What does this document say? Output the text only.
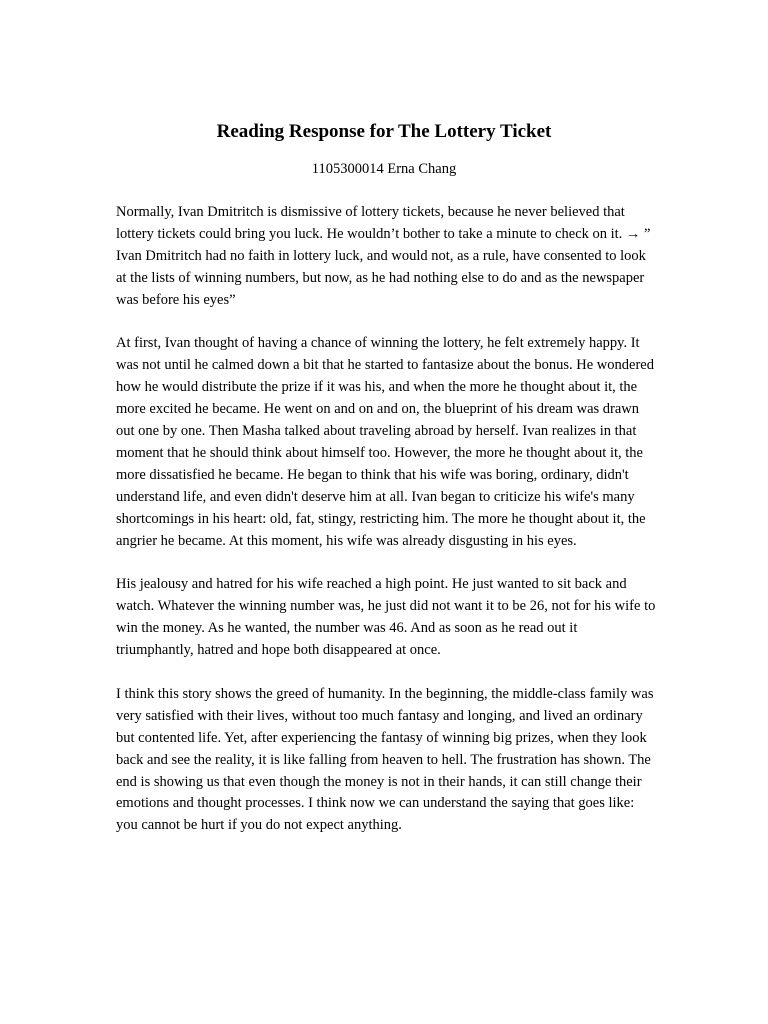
Reading Response for The Lottery Ticket

1105300014 Erna Chang

Normally, Ivan Dmitritch is dismissive of lottery tickets, because he never believed that lottery tickets could bring you luck. He wouldn’t bother to take a minute to check on it. → ” Ivan Dmitritch had no faith in lottery luck, and would not, as a rule, have consented to look at the lists of winning numbers, but now, as he had nothing else to do and as the newspaper was before his eyes”

At first, Ivan thought of having a chance of winning the lottery, he felt extremely happy. It was not until he calmed down a bit that he started to fantasize about the bonus. He wondered how he would distribute the prize if it was his, and when the more he thought about it, the more excited he became. He went on and on and on, the blueprint of his dream was drawn out one by one. Then Masha talked about traveling abroad by herself. Ivan realizes in that moment that he should think about himself too. However, the more he thought about it, the more dissatisfied he became. He began to think that his wife was boring, ordinary, didn't understand life, and even didn't deserve him at all. Ivan began to criticize his wife's many shortcomings in his heart: old, fat, stingy, restricting him. The more he thought about it, the angrier he became. At this moment, his wife was already disgusting in his eyes.

His jealousy and hatred for his wife reached a high point. He just wanted to sit back and watch. Whatever the winning number was, he just did not want it to be 26, not for his wife to win the money. As he wanted, the number was 46. And as soon as he read out it triumphantly, hatred and hope both disappeared at once.

I think this story shows the greed of humanity. In the beginning, the middle-class family was very satisfied with their lives, without too much fantasy and longing, and lived an ordinary but contented life. Yet, after experiencing the fantasy of winning big prizes, when they look back and see the reality, it is like falling from heaven to hell. The frustration has shown. The end is showing us that even though the money is not in their hands, it can still change their emotions and thought processes. I think now we can understand the saying that goes like: you cannot be hurt if you do not expect anything.
